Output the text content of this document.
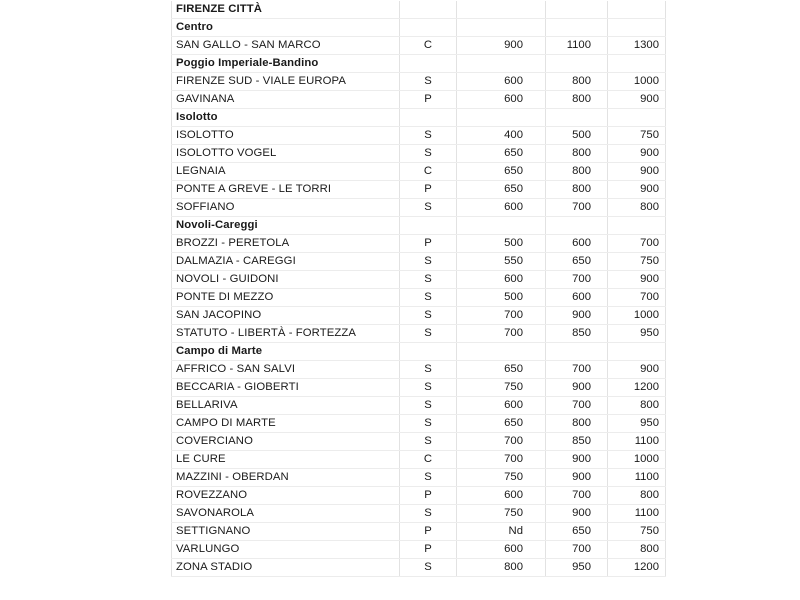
FIRENZE CITTÀ				
Centro				
SAN GALLO - SAN MARCO	C	900	1100	1300
Poggio Imperiale-Bandino				
FIRENZE SUD - VIALE EUROPA	S	600	800	1000
GAVINANA	P	600	800	900
Isolotto				
ISOLOTTO	S	400	500	750
ISOLOTTO VOGEL	S	650	800	900
LEGNAIA	C	650	800	900
PONTE A GREVE - LE TORRI	P	650	800	900
SOFFIANO	S	600	700	800
Novoli-Careggi				
BROZZI - PERETOLA	P	500	600	700
DALMAZIA - CAREGGI	S	550	650	750
NOVOLI - GUIDONI	S	600	700	900
PONTE DI MEZZO	S	500	600	700
SAN JACOPINO	S	700	900	1000
STATUTO - LIBERTÀ - FORTEZZA	S	700	850	950
Campo di Marte				
AFFRICO - SAN SALVI	S	650	700	900
BECCARIA - GIOBERTI	S	750	900	1200
BELLARIVA	S	600	700	800
CAMPO DI MARTE	S	650	800	950
COVERCIANO	S	700	850	1100
LE CURE	C	700	900	1000
MAZZINI - OBERDAN	S	750	900	1100
ROVEZZANO	P	600	700	800
SAVONAROLA	S	750	900	1100
SETTIGNANO	P	Nd	650	750
VARLUNGO	P	600	700	800
ZONA STADIO	S	800	950	1200
